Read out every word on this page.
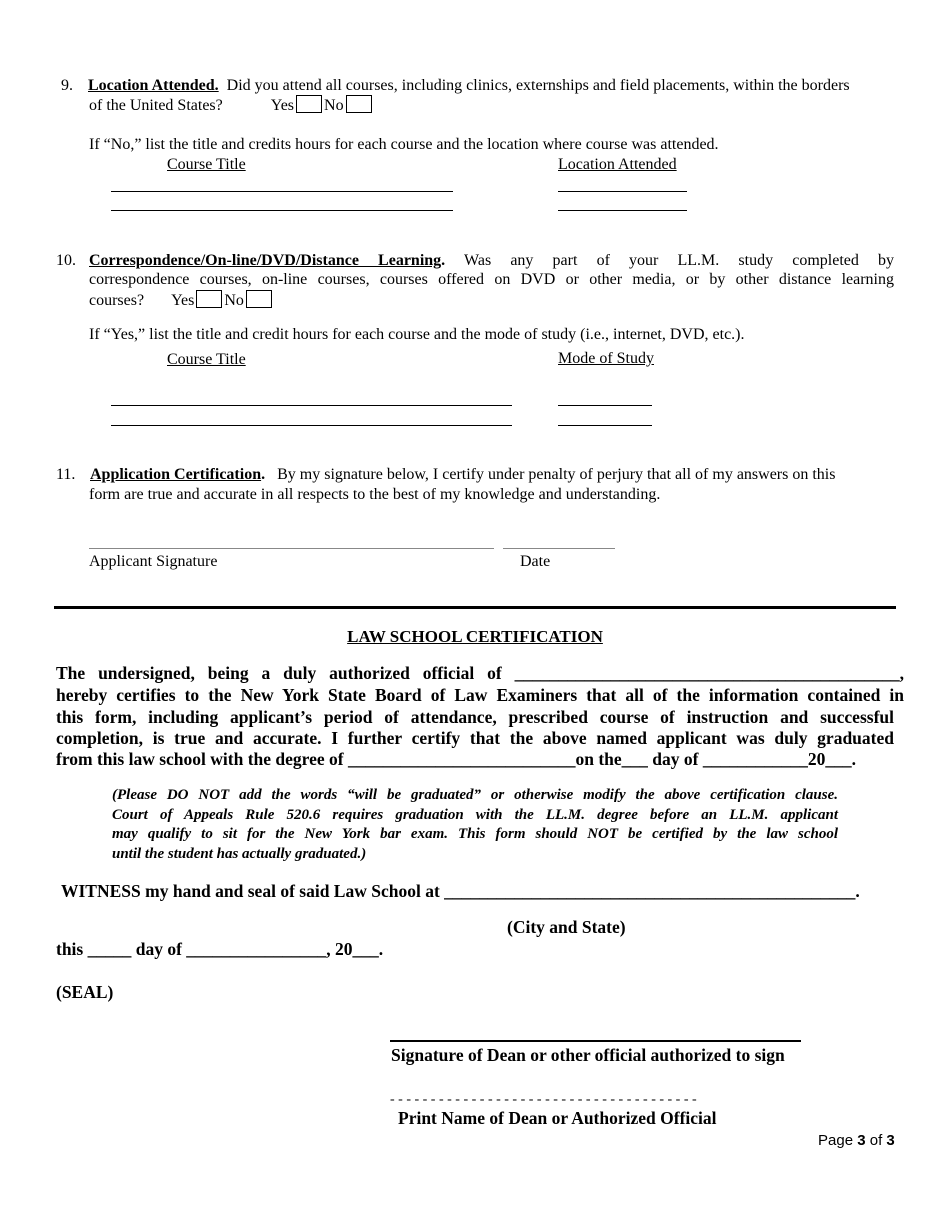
9. Location Attended. Did you attend all courses, including clinics, externships and field placements, within the borders
of the United States?	Yes No
If “No,” list the title and credits hours for each course and the location where course was attended.
Course Title	Location Attended
10. Correspondence/On-line/DVD/Distance Learning. Was any part of your LL.M. study completed by
correspondence courses, on-line courses, courses offered on DVD or other media, or by other distance learning
courses? Yes No
If “Yes,” list the title and credit hours for each course and the mode of study (i.e., internet, DVD, etc.).
Course Title	Mode of Study
11. Application Certification. By my signature below, I certify under penalty of perjury that all of my answers on this
form are true and accurate in all respects to the best of my knowledge and understanding.
Applicant Signature	Date
LAW SCHOOL CERTIFICATION
The undersigned, being a duly authorized official of ____________________________________________,
hereby certifies to the New York State Board of Law Examiners that all of the information contained in
this form, including applicant’s period of attendance, prescribed course of instruction and successful
completion, is true and accurate. I further certify that the above named applicant was duly graduated
from this law school with the degree of __________________________on the___ day of ____________20___.
(Please DO NOT add the words “will be graduated” or otherwise modify the above certification clause.
Court of Appeals Rule 520.6 requires graduation with the LL.M. degree before an LL.M. applicant
may qualify to sit for the New York bar exam. This form should NOT be certified by the law school
until the student has actually graduated.)
WITNESS my hand and seal of said Law School at _______________________________________________.
(City and State)
this _____ day of ________________, 20___.
(SEAL)
Signature of Dean or other official authorized to sign
- - - - - - - - - - - - - - - - - - - - - - - - - - - - - - - - - - - - - -
Print Name of Dean or Authorized Official
Page 3 of 3
